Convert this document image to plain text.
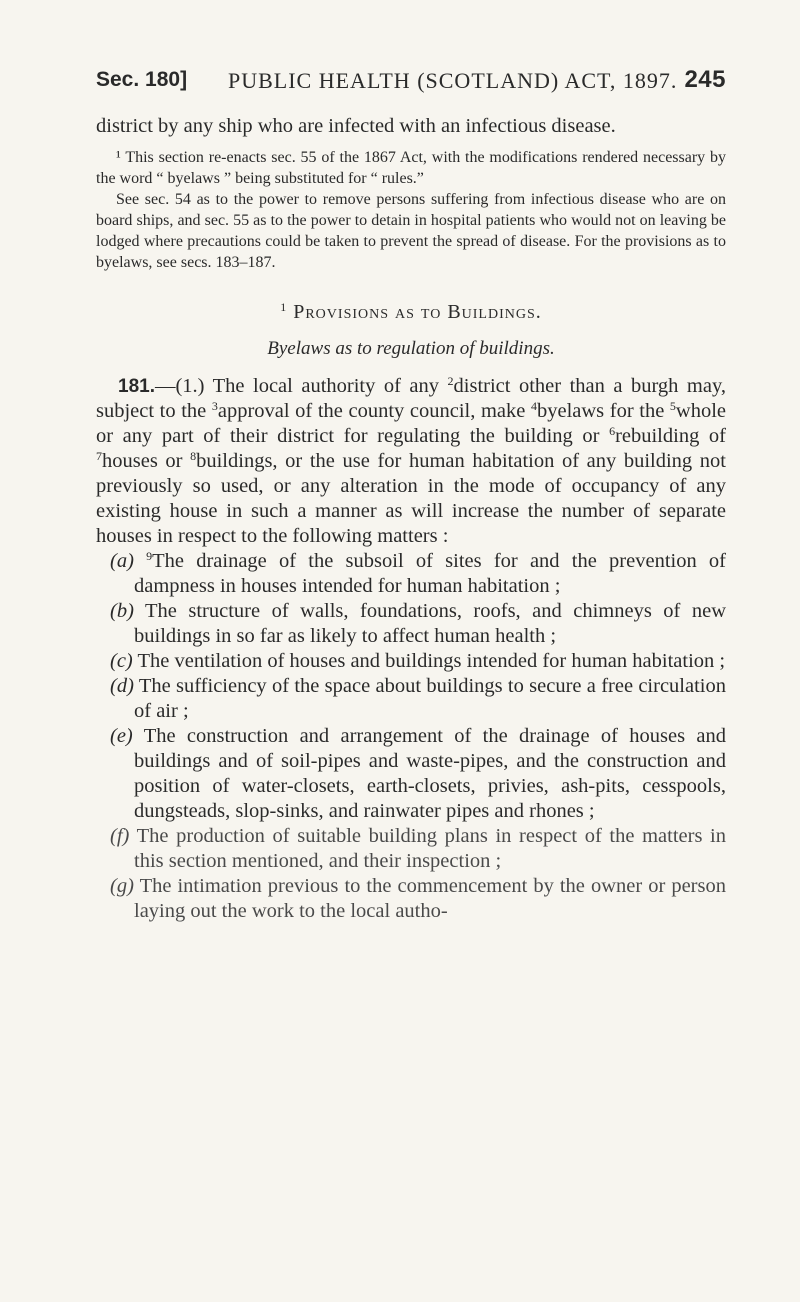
Sec. 180] PUBLIC HEALTH (SCOTLAND) ACT, 1897. 245

district by any ship who are infected with an infectious disease.

¹ This section re-enacts sec. 55 of the 1867 Act, with the modifications rendered necessary by the word “ byelaws ” being substituted for “ rules.”

See sec. 54 as to the power to remove persons suffering from infectious disease who are on board ships, and sec. 55 as to the power to detain in hospital patients who would not on leaving be lodged where precautions could be taken to prevent the spread of disease. For the provisions as to byelaws, see secs. 183–187.

$^1$ Provisions as to Buildings.
Byelaws as to regulation of buildings.

181.—(1.) The local authority of any $^2$district other than a burgh may, subject to the $^3$approval of the county council, make $^4$byelaws for the $^5$whole or any part of their district for regulating the building or $^6$rebuilding of $^7$houses or $^8$buildings, or the use for human habitation of any building not previously so used, or any alteration in the mode of occupancy of any existing house in such a manner as will increase the number of separate houses in respect to the following matters :

(a) $^9$The drainage of the subsoil of sites for and the prevention of dampness in houses intended for human habitation ;

(b) The structure of walls, foundations, roofs, and chimneys of new buildings in so far as likely to affect human health ;

(c) The ventilation of houses and buildings intended for human habitation ;

(d) The sufficiency of the space about buildings to secure a free circulation of air ;

(e) The construction and arrangement of the drainage of houses and buildings and of soil-pipes and waste-pipes, and the construction and position of water-closets, earth-closets, privies, ash-pits, cesspools, dungsteads, slop-sinks, and rainwater pipes and rhones ;

(f) The production of suitable building plans in respect of the matters in this section mentioned, and their inspection ;

(g) The intimation previous to the commencement by the owner or person laying out the work to the local autho-
